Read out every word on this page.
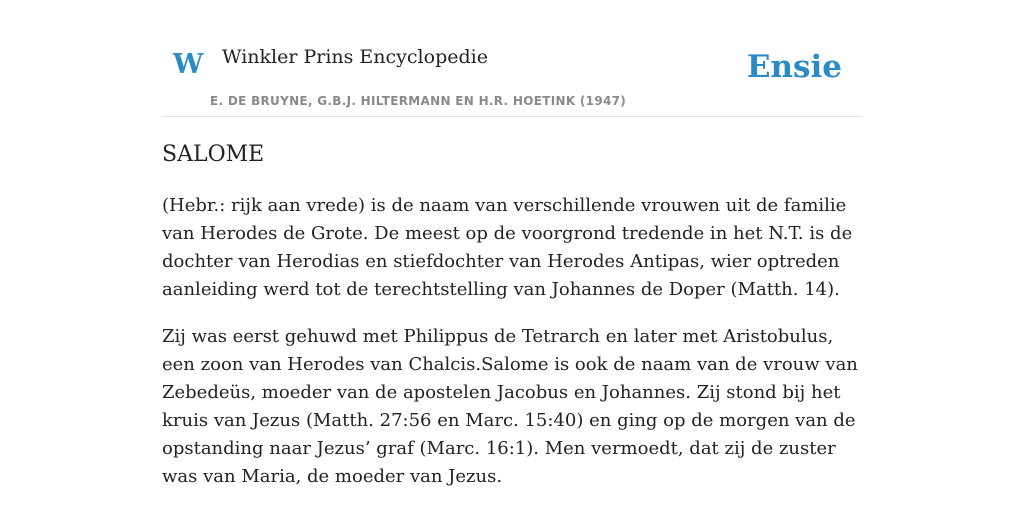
W Winkler Prins Encyclopedie
E. DE BRUYNE, G.B.J. HILTERMANN EN H.R. HOETINK (1947)
Ensie
SALOME

(Hebr.: rijk aan vrede) is de naam van verschillende vrouwen uit de familie van Herodes de Grote. De meest op de voorgrond tredende in het N.T. is de dochter van Herodias en stiefdochter van Herodes Antipas, wier optreden aanleiding werd tot de terechtstelling van Johannes de Doper (Matth. 14).

Zij was eerst gehuwd met Philippus de Tetrarch en later met Aristobulus, een zoon van Herodes van Chalcis.Salome is ook de naam van de vrouw van Zebedeüs, moeder van de apostelen Jacobus en Johannes. Zij stond bij het kruis van Jezus (Matth. 27:56 en Marc. 15:40) en ging op de morgen van de opstanding naar Jezus’ graf (Marc. 16:1). Men vermoedt, dat zij de zuster was van Maria, de moeder van Jezus.
